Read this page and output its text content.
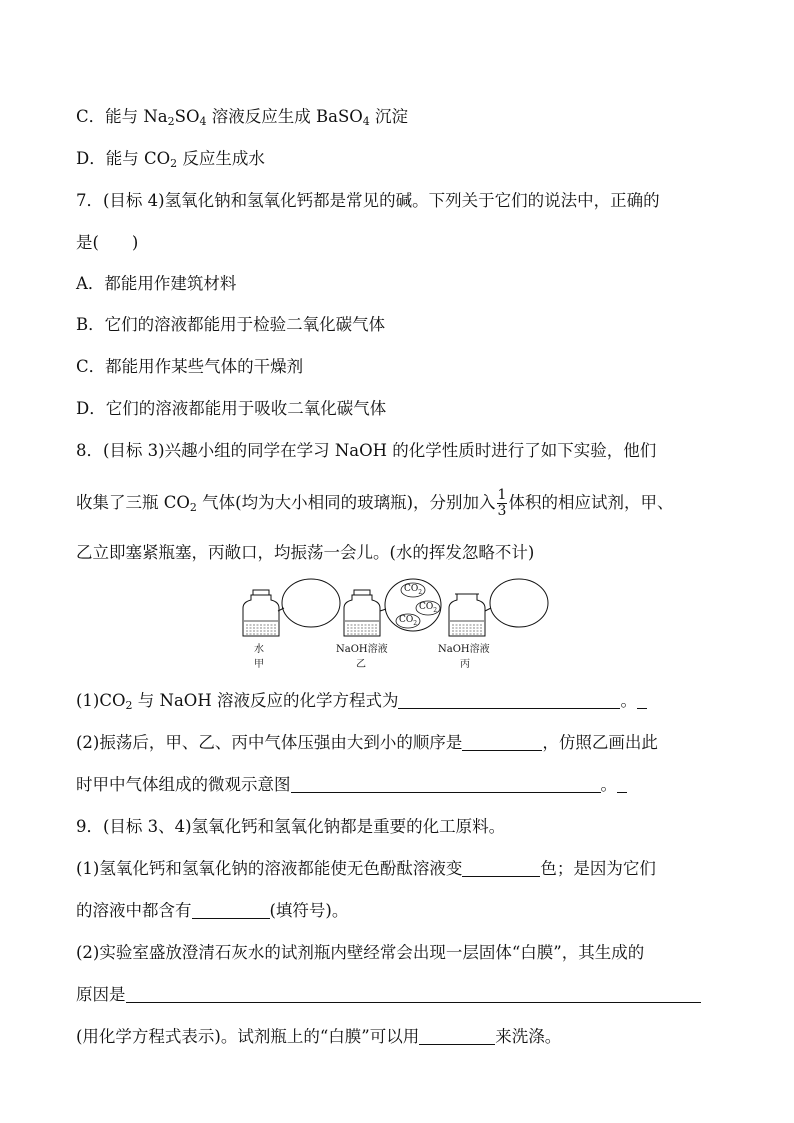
C．能与 $Na_2SO_4$ 溶液反应生成 BaSO$_4$ 沉淀
D．能与 $CO_2$ 反应生成水
7．(目标 4)氢氧化钠和氢氧化钙都是常见的碱。下列关于它们的说法中，正确的
是(　　)
A．都能用作建筑材料
B．它们的溶液都能用于检验二氧化碳气体
C．都能用作某些气体的干燥剂
D．它们的溶液都能用于吸收二氧化碳气体
8．(目标 3)兴趣小组的同学在学习 NaOH 的化学性质时进行了如下实验，他们
收集了三瓶 $CO_2$ 气体(均为大小相同的玻璃瓶)，分别加入 $\frac{1}{3}$ 体积的相应试剂，甲、
乙立即塞紧瓶塞，丙敞口，均振荡一会儿。(水的挥发忽略不计)
$CO_2$
$CO_2$
$CO_2$
水
甲
NaOH溶液
乙
NaOH溶液
丙
$(1)CO_2$ 与 NaOH 溶液反应的化学方程式为	。
(2)振荡后，甲、乙、丙中气体压强由大到小的顺序是	，仿照乙画出此
时甲中气体组成的微观示意图	。
9．(目标 3、4)氢氧化钙和氢氧化钠都是重要的化工原料。
(1)氢氧化钙和氢氧化钠的溶液都能使无色酚酞溶液变	色；是因为它们
的溶液中都含有	(填符号)。
(2)实验室盛放澄清石灰水的试剂瓶内壁经常会出现一层固体“白膜”，其生成的
原因是
(用化学方程式表示)。试剂瓶上的“白膜”可以用	来洗涤。
